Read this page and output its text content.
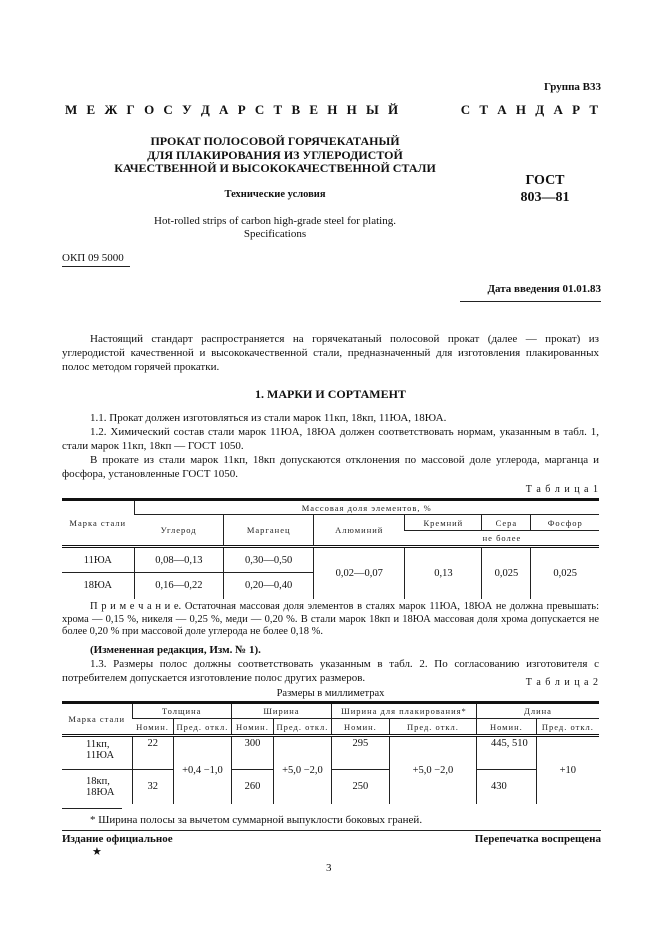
Группа В33
М Е Ж Г О С У Д А Р С Т В Е Н Н Ы Й	С Т А Н Д А Р Т
ПРОКАТ ПОЛОСОВОЙ ГОРЯЧЕКАТАНЫЙ
ДЛЯ ПЛАКИРОВАНИЯ ИЗ УГЛЕРОДИСТОЙ
КАЧЕСТВЕННОЙ И ВЫСОКОКАЧЕСТВЕННОЙ СТАЛИ
Технические условия
Hot-rolled strips of carbon high-grade steel for plating.
Specifications
ГОСТ
803—81
ОКП 09 5000
Дата введения 01.01.83

Настоящий стандарт распространяется на горячекатаный полосовой прокат (далее — прокат) из углеродистой качественной и высококачественной стали, предназначенный для изготовления плакированных полос методом горячей прокатки.

1. МАРКИ И СОРТАМЕНТ

1.1. Прокат должен изготовляться из стали марок 11кп, 18кп, 11ЮА, 18ЮА.

1.2. Химический состав стали марок 11ЮА, 18ЮА должен соответствовать нормам, указанным в табл. 1, стали марок 11кп, 18кп — ГОСТ 1050.

В прокате из стали марок 11кп, 18кп допускаются отклонения по массовой доле углерода, марганца и фосфора, установленные ГОСТ 1050.

Т а б л и ц а 1
Марка стали	Массовая доля элементов, %					
	Углерод	Марганец	Алюминий	Кремний	Сера	Фосфор
				не более		
11ЮА	0,08—0,13	0,30—0,50	0,02—0,07	0,13	0,025	0,025
18ЮА	0,16—0,22	0,20—0,40				
П р и м е ч а н и е. Остаточная массовая доля элементов в сталях марок 11ЮА, 18ЮА не должна превышать: хрома — 0,15 %, никеля — 0,25 %, меди — 0,20 %. В стали марок 18кп и 18ЮА массовая доля хрома допускается не более 0,20 % при массовой доле углерода не более 0,18 %.

(Измененная редакция, Изм. № 1).

1.3. Размеры полос должны соответствовать указанным в табл. 2. По согласованию изготовителя с потребителем допускается изготовление полос других размеров.	Т а б л и ц а 2
Размеры в миллиметрах
Марка стали	Толщина		Ширина		Ширина для плакирования*		Длина	
	Номин.	Пред. откл.	Номин.	Пред. откл.	Номин.	Пред. откл.	Номин.	Пред. откл.
11кп, 11ЮА	22	+0,4 −1,0	300	+5,0 −2,0	295	+5,0 −2,0	445, 510	+10
18кп, 18ЮА	32		260		250		430	
* Ширина полосы за вычетом суммарной выпуклости боковых граней.
Издание официальное
★
Перепечатка воспрещена
3
